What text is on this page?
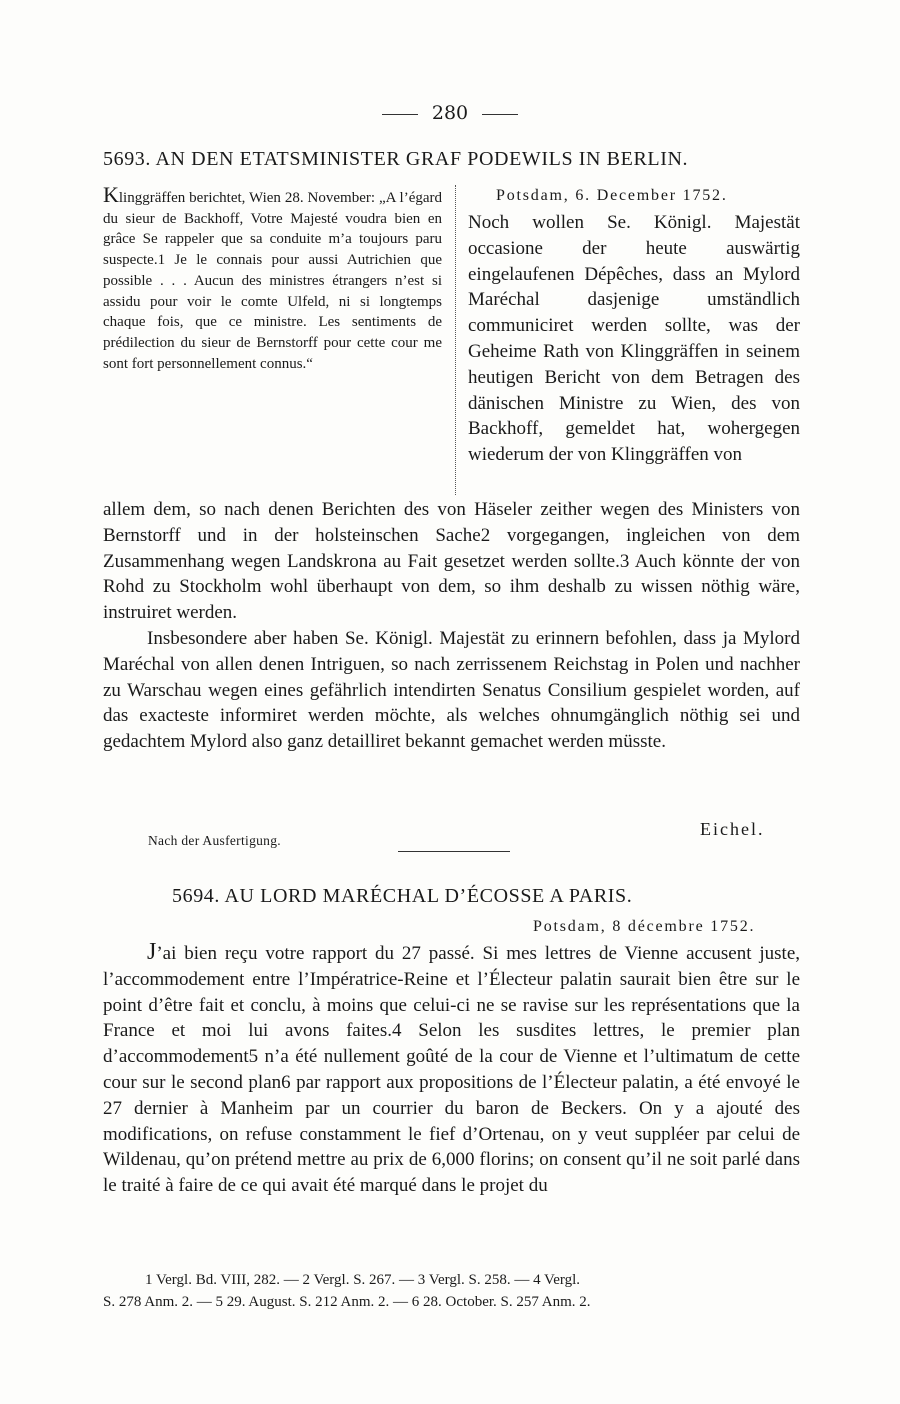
280
5693. AN DEN ETATSMINISTER GRAF PODEWILS IN BERLIN.
Klinggräffen berichtet, Wien 28. November: „A l’égard du sieur de Backhoff, Votre Majesté voudra bien en grâce Se rappeler que sa conduite m’a toujours paru suspecte.1 Je le connais pour aussi Autrichien que possible . . . Aucun des ministres étrangers n’est si assidu pour voir le comte Ulfeld, ni si longtemps chaque fois, que ce ministre. Les sentiments de prédilection du sieur de Bernstorff pour cette cour me sont fort personnellement connus.“
Potsdam, 6. December 1752.
Noch wollen Se. Königl. Majestät occasione der heute auswärtig eingelaufenen Dépêches, dass an Mylord Maréchal dasjenige umständlich communiciret werden sollte, was der Geheime Rath von Klinggräffen in seinem heutigen Bericht von dem Betragen des dänischen Ministre zu Wien, des von Backhoff, gemeldet hat, wohergegen wiederum der von Klinggräffen von

allem dem, so nach denen Berichten des von Häseler zeither wegen des Ministers von Bernstorff und in der holsteinschen Sache2 vorgegangen, ingleichen von dem Zusammenhang wegen Landskrona au Fait gesetzet werden sollte.3 Auch könnte der von Rohd zu Stockholm wohl überhaupt von dem, so ihm deshalb zu wissen nöthig wäre, instruiret werden.

Insbesondere aber haben Se. Königl. Majestät zu erinnern befohlen, dass ja Mylord Maréchal von allen denen Intriguen, so nach zerrissenem Reichstag in Polen und nachher zu Warschau wegen eines gefährlich intendirten Senatus Consilium gespielet worden, auf das exacteste informiret werden möchte, als welches ohnumgänglich nöthig sei und gedachtem Mylord also ganz detailliret bekannt gemachet werden müsste.

Nach der Ausfertigung.
Eichel.
5694. AU LORD MARÉCHAL D’ÉCOSSE A PARIS.
Potsdam, 8 décembre 1752.

J’ai bien reçu votre rapport du 27 passé. Si mes lettres de Vienne accusent juste, l’accommodement entre l’Impératrice-Reine et l’Électeur palatin saurait bien être sur le point d’être fait et conclu, à moins que celui-ci ne se ravise sur les représentations que la France et moi lui avons faites.4 Selon les susdites lettres, le premier plan d’accommodement5 n’a été nullement goûté de la cour de Vienne et l’ultimatum de cette cour sur le second plan6 par rapport aux propositions de l’Électeur palatin, a été envoyé le 27 dernier à Manheim par un courrier du baron de Beckers. On y a ajouté des modifications, on refuse constamment le fief d’Ortenau, on y veut suppléer par celui de Wildenau, qu’on prétend mettre au prix de 6,000 florins; on consent qu’il ne soit parlé dans le traité à faire de ce qui avait été marqué dans le projet du

1 Vergl. Bd. VIII, 282. — 2 Vergl. S. 267. — 3 Vergl. S. 258. — 4 Vergl.

S. 278 Anm. 2. — 5 29. August. S. 212 Anm. 2. — 6 28. October. S. 257 Anm. 2.
